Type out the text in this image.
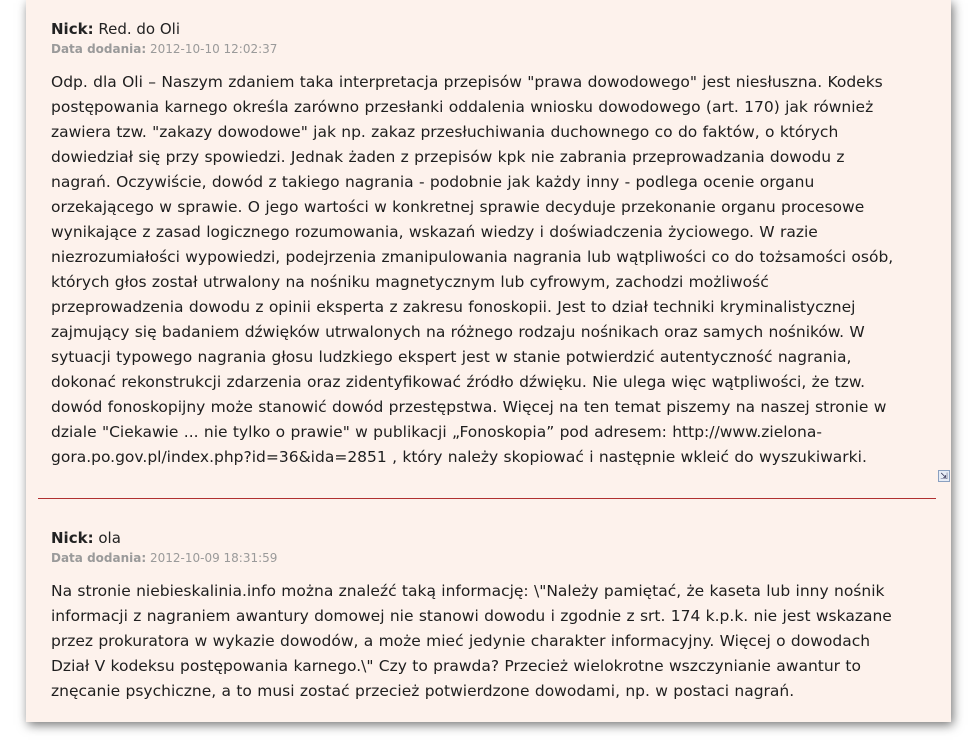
Nick: Red. do Oli
Data dodania: 2012-10-10 12:02:37
Odp. dla Oli – Naszym zdaniem taka interpretacja przepisów "prawa dowodowego" jest niesłuszna. Kodeks
postępowania karnego określa zarówno przesłanki oddalenia wniosku dowodowego (art. 170) jak również
zawiera tzw. "zakazy dowodowe" jak np. zakaz przesłuchiwania duchownego co do faktów, o których
dowiedział się przy spowiedzi. Jednak żaden z przepisów kpk nie zabrania przeprowadzania dowodu z
nagrań. Oczywiście, dowód z takiego nagrania - podobnie jak każdy inny - podlega ocenie organu
orzekającego w sprawie. O jego wartości w konkretnej sprawie decyduje przekonanie organu procesowe
wynikające z zasad logicznego rozumowania, wskazań wiedzy i doświadczenia życiowego. W razie
niezrozumiałości wypowiedzi, podejrzenia zmanipulowania nagrania lub wątpliwości co do tożsamości osób,
których głos został utrwalony na nośniku magnetycznym lub cyfrowym, zachodzi możliwość
przeprowadzenia dowodu z opinii eksperta z zakresu fonoskopii. Jest to dział techniki kryminalistycznej
zajmujący się badaniem dźwięków utrwalonych na różnego rodzaju nośnikach oraz samych nośników. W
sytuacji typowego nagrania głosu ludzkiego ekspert jest w stanie potwierdzić autentyczność nagrania,
dokonać rekonstrukcji zdarzenia oraz zidentyfikować źródło dźwięku. Nie ulega więc wątpliwości, że tzw.
dowód fonoskopijny może stanowić dowód przestępstwa. Więcej na ten temat piszemy na naszej stronie w
dziale "Ciekawie ... nie tylko o prawie" w publikacji „Fonoskopia” pod adresem: http://www.zielona-
gora.po.gov.pl/index.php?id=36&ida=2851 , który należy skopiować i następnie wkleić do wyszukiwarki.
⇲
Nick: ola
Data dodania: 2012-10-09 18:31:59
Na stronie niebieskalinia.info można znaleźć taką informację: \"Należy pamiętać, że kaseta lub inny nośnik
informacji z nagraniem awantury domowej nie stanowi dowodu i zgodnie z srt. 174 k.p.k. nie jest wskazane
przez prokuratora w wykazie dowodów, a może mieć jedynie charakter informacyjny. Więcej o dowodach
Dział V kodeksu postępowania karnego.\" Czy to prawda? Przecież wielokrotne wszczynianie awantur to
znęcanie psychiczne, a to musi zostać przecież potwierdzone dowodami, np. w postaci nagrań.
